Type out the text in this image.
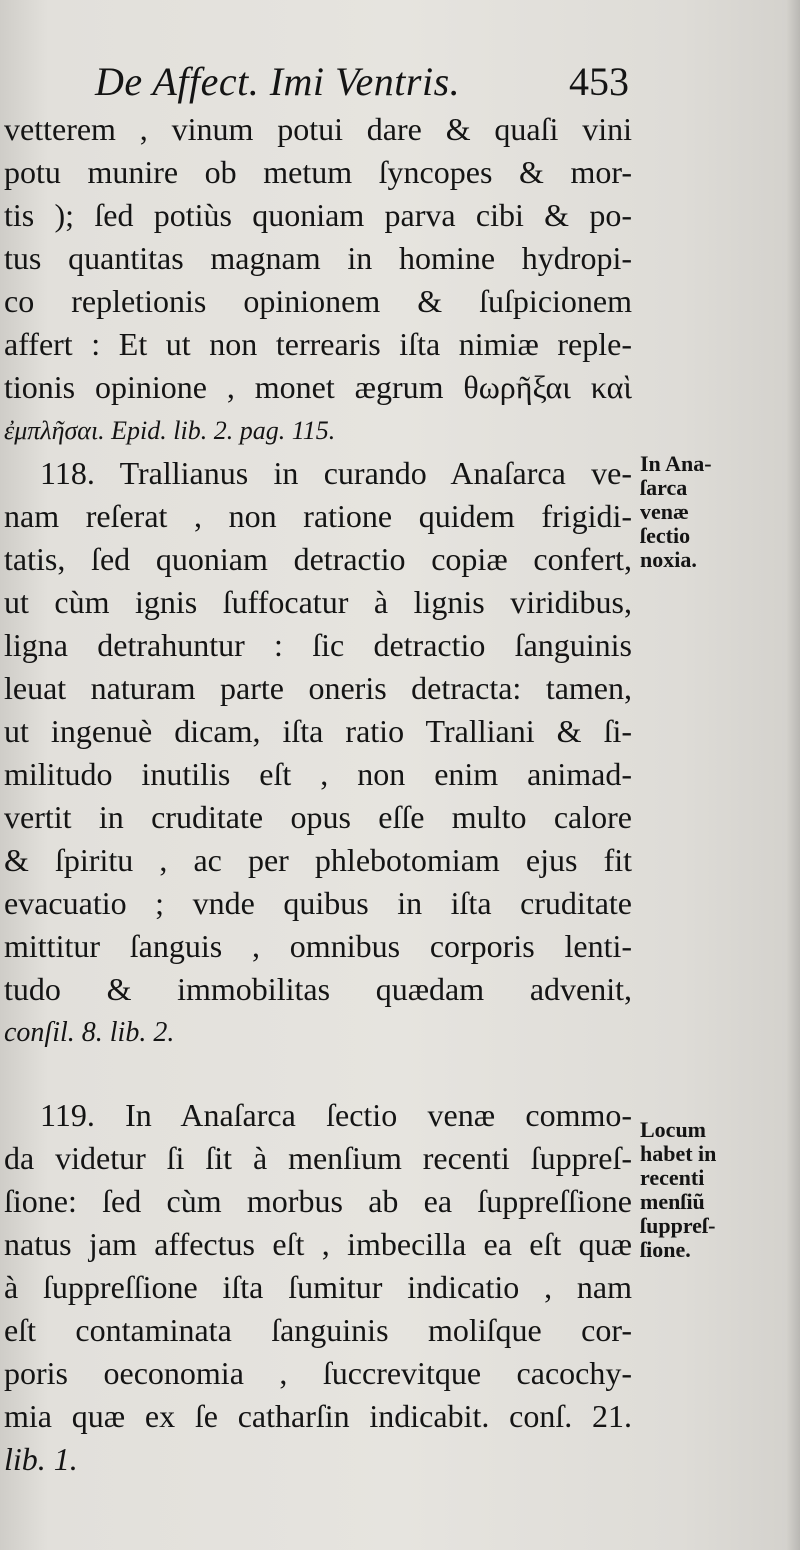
De Affect. Imi Ventris.	453
vetterem , vinum potui dare & quaſi vini
potu munire ob metum ſyncopes & mor-
tis ); ſed potiùs quoniam parva cibi & po-
tus quantitas magnam in homine hydropi-
co repletionis opinionem & ſuſpicionem
affert : Et ut non terrearis iſta nimiæ reple-
tionis opinione , monet ægrum θωρῆξαι καὶ
ἐμπλῆσαι. Epid. lib. 2. pag. 115.
118. Trallianus in curando Anaſarca ve-
nam reſerat , non ratione quidem frigidi-
tatis, ſed quoniam detractio copiæ confert,
ut cùm ignis ſuffocatur à lignis viridibus,
ligna detrahuntur : ſic detractio ſanguinis
leuat naturam parte oneris detracta: tamen,
ut ingenuè dicam, iſta ratio Tralliani & ſi-
militudo inutilis eſt , non enim animad-
vertit in cruditate opus eſſe multo calore
& ſpiritu , ac per phlebotomiam ejus fit
evacuatio ; vnde quibus in iſta cruditate
mittitur ſanguis , omnibus corporis lenti-
tudo & immobilitas quædam advenit,
conſil. 8. lib. 2.
119. In Anaſarca ſectio venæ commo-
da videtur ſi ſit à menſium recenti ſuppreſ-
ſione: ſed cùm morbus ab ea ſuppreſſione
natus jam affectus eſt , imbecilla ea eſt quæ
à ſuppreſſione iſta ſumitur indicatio , nam
eſt contaminata ſanguinis moliſque cor-
poris oeconomia , ſuccrevitque cacochy-
mia quæ ex ſe catharſin indicabit. conſ. 21.
lib. 1.
In Ana-
ſarca
venæ
ſectio
noxia.
Locum
habet in
recenti
menſiũ
ſuppreſ-
ſione.
